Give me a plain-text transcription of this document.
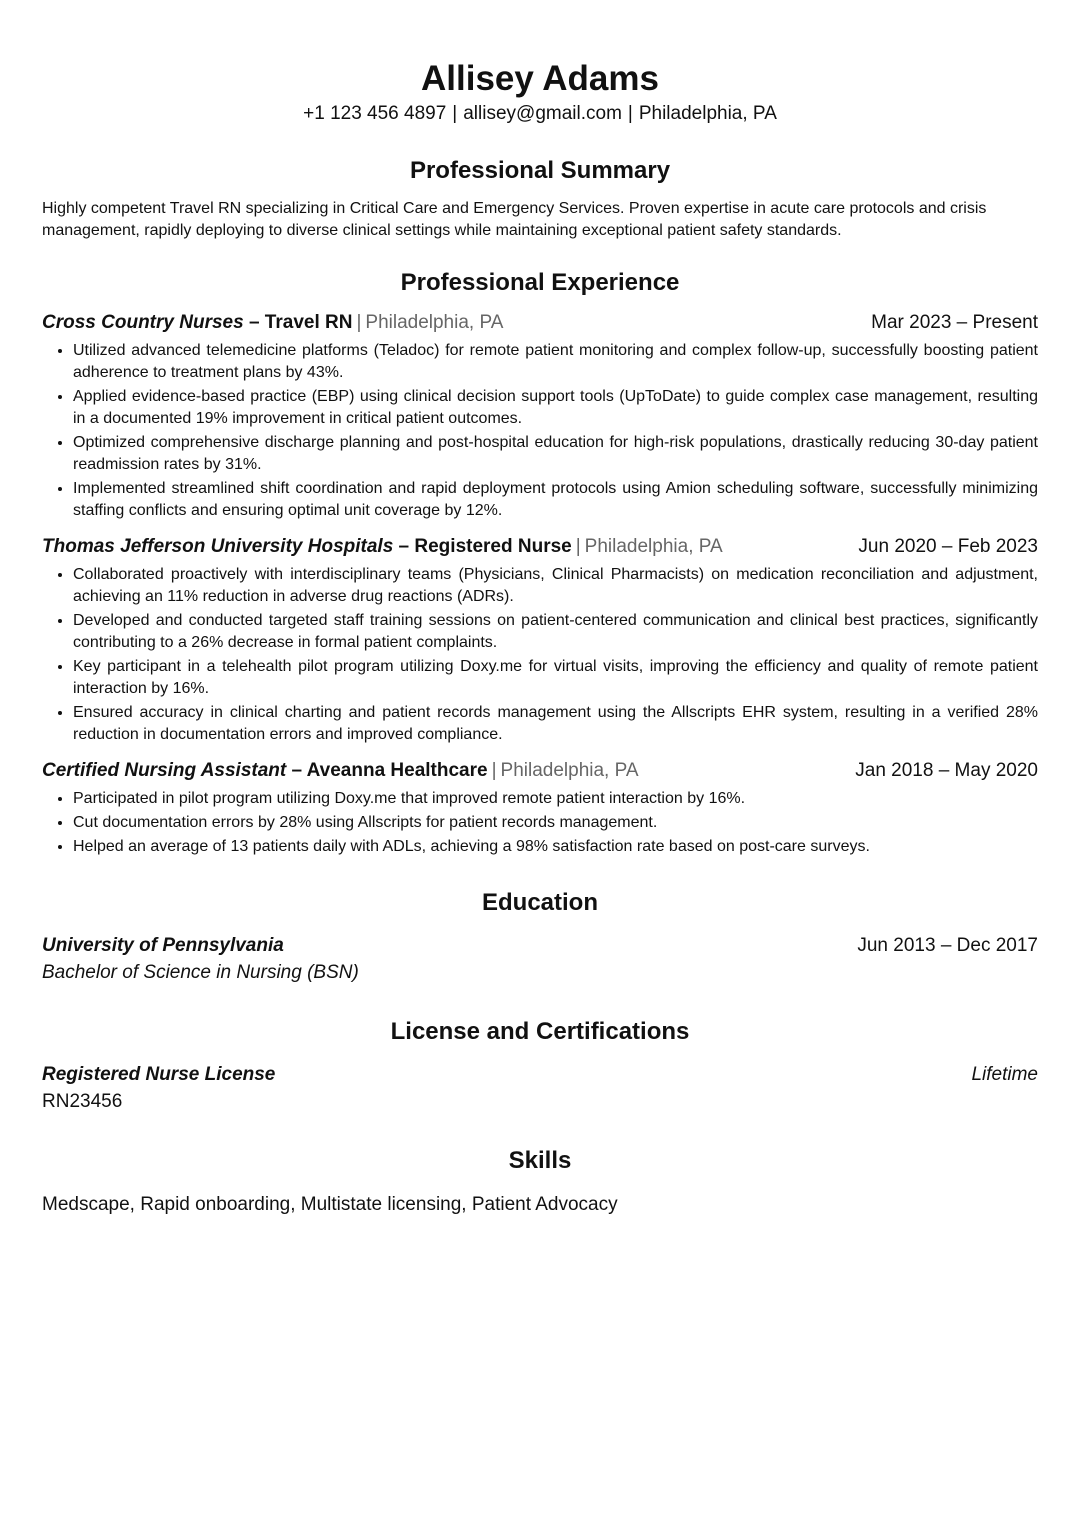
Allisey Adams
+1 123 456 4897 | allisey@gmail.com | Philadelphia, PA
Professional Summary
Highly competent Travel RN specializing in Critical Care and Emergency Services. Proven expertise in acute care protocols and crisis management, rapidly deploying to diverse clinical settings while maintaining exceptional patient safety standards.
Professional Experience
Cross Country Nurses – Travel RN | Philadelphia, PA	Mar 2023 – Present
• Utilized advanced telemedicine platforms (Teladoc) for remote patient monitoring and complex follow-up, successfully boosting patient adherence to treatment plans by 43%.
• Applied evidence-based practice (EBP) using clinical decision support tools (UpToDate) to guide complex case management, resulting in a documented 19% improvement in critical patient outcomes.
• Optimized comprehensive discharge planning and post-hospital education for high-risk populations, drastically reducing 30-day patient readmission rates by 31%.
• Implemented streamlined shift coordination and rapid deployment protocols using Amion scheduling software, successfully minimizing staffing conflicts and ensuring optimal unit coverage by 12%.
Thomas Jefferson University Hospitals – Registered Nurse | Philadelphia, PA	Jun 2020 – Feb 2023
• Collaborated proactively with interdisciplinary teams (Physicians, Clinical Pharmacists) on medication reconciliation and adjustment, achieving an 11% reduction in adverse drug reactions (ADRs).
• Developed and conducted targeted staff training sessions on patient-centered communication and clinical best practices, significantly contributing to a 26% decrease in formal patient complaints.
• Key participant in a telehealth pilot program utilizing Doxy.me for virtual visits, improving the efficiency and quality of remote patient interaction by 16%.
• Ensured accuracy in clinical charting and patient records management using the Allscripts EHR system, resulting in a verified 28% reduction in documentation errors and improved compliance.
Certified Nursing Assistant – Aveanna Healthcare | Philadelphia, PA	Jan 2018 – May 2020
• Participated in pilot program utilizing Doxy.me that improved remote patient interaction by 16%.
• Cut documentation errors by 28% using Allscripts for patient records management.
• Helped an average of 13 patients daily with ADLs, achieving a 98% satisfaction rate based on post-care surveys.
Education
University of Pennsylvania	Jun 2013 – Dec 2017
Bachelor of Science in Nursing (BSN)
License and Certifications
Registered Nurse License	Lifetime
RN23456
Skills
Medscape, Rapid onboarding, Multistate licensing, Patient Advocacy
